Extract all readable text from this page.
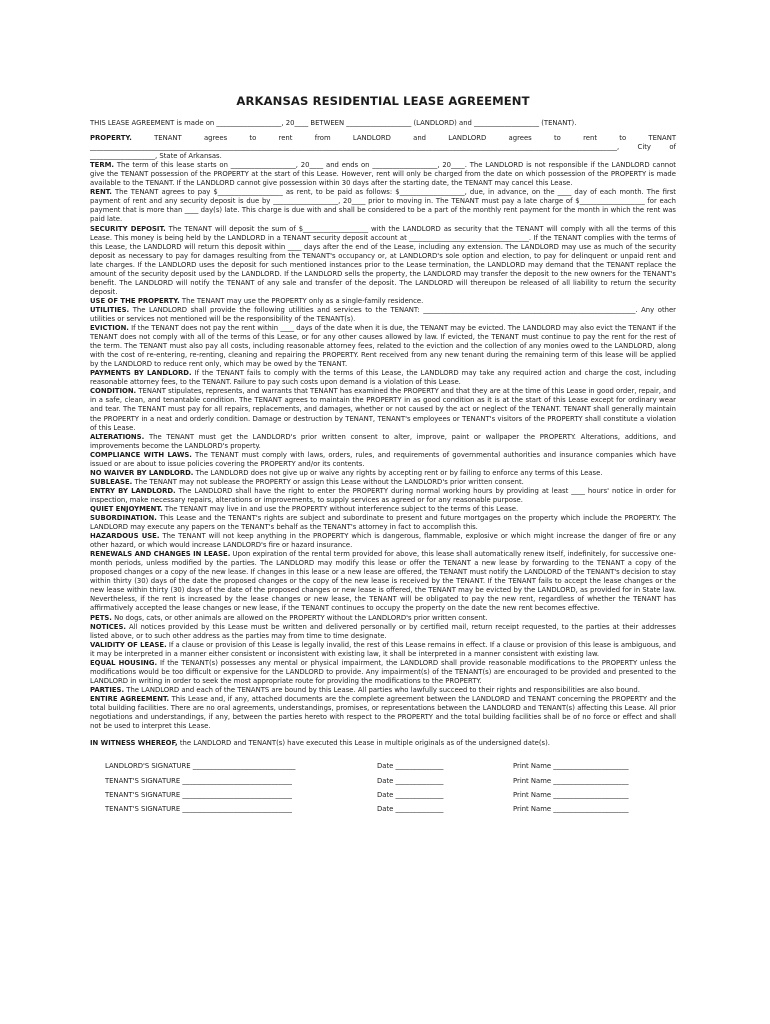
ARKANSAS RESIDENTIAL LEASE AGREEMENT

THIS LEASE AGREEMENT is made on ___________________, 20____ BETWEEN ___________________ (LANDLORD) and ___________________ (TENANT).

PROPERTY.	TENANT agrees to rent from LANDLORD and LANDLORD agrees to rent to TENANT __________________________________________________________________________________________________________________________________________________________, City of ___________________, State of Arkansas.

TERM. The term of this lease starts on ___________________, 20____ and ends on ___________________, 20____. The LANDLORD is not responsible if the LANDLORD cannot give the TENANT possession of the PROPERTY at the start of this Lease. However, rent will only be charged from the date on which possession of the PROPERTY is made available to the TENANT. If the LANDLORD cannot give possession within 30 days after the starting date, the TENANT may cancel this Lease.

RENT. The TENANT agrees to pay $___________________ as rent, to be paid as follows: $___________________, due, in advance, on the ____ day of each month. The first payment of rent and any security deposit is due by ___________________, 20____ prior to moving in. The TENANT must pay a late charge of $___________________ for each payment that is more than ____ day(s) late. This charge is due with and shall be considered to be a part of the monthly rent payment for the month in which the rent was paid late.

SECURITY DEPOSIT. The TENANT will deposit the sum of $___________________ with the LANDLORD as security that the TENANT will comply with all the terms of this Lease. This money is being held by the LANDLORD in a TENANT security deposit account at ___________________________________. If the TENANT complies with the terms of this Lease, the LANDLORD will return this deposit within ____ days after the end of the Lease, including any extension. The LANDLORD may use as much of the security deposit as necessary to pay for damages resulting from the TENANT's occupancy or, at LANDLORD's sole option and election, to pay for delinquent or unpaid rent and late charges. If the LANDLORD uses the deposit for such mentioned instances prior to the Lease termination, the LANDLORD may demand that the TENANT replace the amount of the security deposit used by the LANDLORD. If the LANDLORD sells the property, the LANDLORD may transfer the deposit to the new owners for the TENANT's benefit. The LANDLORD will notify the TENANT of any sale and transfer of the deposit. The LANDLORD will thereupon be released of all liability to return the security deposit.

USE OF THE PROPERTY. The TENANT may use the PROPERTY only as a single-family residence.

UTILITIES. The LANDLORD shall provide the following utilities and services to the TENANT: ______________________________________________________________. Any other utilities or services not mentioned will be the responsibility of the TENANT(s).

EVICTION. If the TENANT does not pay the rent within ____ days of the date when it is due, the TENANT may be evicted. The LANDLORD may also evict the TENANT if the TENANT does not comply with all of the terms of this Lease, or for any other causes allowed by law. If evicted, the TENANT must continue to pay the rent for the rest of the term. The TENANT must also pay all costs, including reasonable attorney fees, related to the eviction and the collection of any monies owed to the LANDLORD, along with the cost of re-entering, re-renting, cleaning and repairing the PROPERTY. Rent received from any new tenant during the remaining term of this lease will be applied by the LANDLORD to reduce rent only, which may be owed by the TENANT.

PAYMENTS BY LANDLORD. If the TENANT fails to comply with the terms of this Lease, the LANDLORD may take any required action and charge the cost, including reasonable attorney fees, to the TENANT. Failure to pay such costs upon demand is a violation of this Lease.

CONDITION. TENANT stipulates, represents, and warrants that TENANT has examined the PROPERTY and that they are at the time of this Lease in good order, repair, and in a safe, clean, and tenantable condition. The TENANT agrees to maintain the PROPERTY in as good condition as it is at the start of this Lease except for ordinary wear and tear. The TENANT must pay for all repairs, replacements, and damages, whether or not caused by the act or neglect of the TENANT. TENANT shall generally maintain the PROPERTY in a neat and orderly condition. Damage or destruction by TENANT, TENANT's employees or TENANT's visitors of the PROPERTY shall constitute a violation of this Lease.

ALTERATIONS. The TENANT must get the LANDLORD's prior written consent to alter, improve, paint or wallpaper the PROPERTY. Alterations, additions, and improvements become the LANDLORD's property.

COMPLIANCE WITH LAWS. The TENANT must comply with laws, orders, rules, and requirements of governmental authorities and insurance companies which have issued or are about to issue policies covering the PROPERTY and/or its contents.

NO WAIVER BY LANDLORD. The LANDLORD does not give up or waive any rights by accepting rent or by failing to enforce any terms of this Lease.

SUBLEASE. The TENANT may not sublease the PROPERTY or assign this Lease without the LANDLORD's prior written consent.

ENTRY BY LANDLORD. The LANDLORD shall have the right to enter the PROPERTY during normal working hours by providing at least ____ hours' notice in order for inspection, make necessary repairs, alterations or improvements, to supply services as agreed or for any reasonable purpose.

QUIET ENJOYMENT. The TENANT may live in and use the PROPERTY without interference subject to the terms of this Lease.

SUBORDINATION. This Lease and the TENANT's rights are subject and subordinate to present and future mortgages on the property which include the PROPERTY. The LANDLORD may execute any papers on the TENANT's behalf as the TENANT's attorney in fact to accomplish this.

HAZARDOUS USE. The TENANT will not keep anything in the PROPERTY which is dangerous, flammable, explosive or which might increase the danger of fire or any other hazard, or which would increase LANDLORD's fire or hazard insurance.

RENEWALS AND CHANGES IN LEASE. Upon expiration of the rental term provided for above, this lease shall automatically renew itself, indefinitely, for successive one-month periods, unless modified by the parties. The LANDLORD may modify this lease or offer the TENANT a new lease by forwarding to the TENANT a copy of the proposed changes or a copy of the new lease. If changes in this lease or a new lease are offered, the TENANT must notify the LANDLORD of the TENANT's decision to stay within thirty (30) days of the date the proposed changes or the copy of the new lease is received by the TENANT. If the TENANT fails to accept the lease changes or the new lease within thirty (30) days of the date of the proposed changes or new lease is offered, the TENANT may be evicted by the LANDLORD, as provided for in State law. Nevertheless, if the rent is increased by the lease changes or new lease, the TENANT will be obligated to pay the new rent, regardless of whether the TENANT has affirmatively accepted the lease changes or new lease, if the TENANT continues to occupy the property on the date the new rent becomes effective.

PETS. No dogs, cats, or other animals are allowed on the PROPERTY without the LANDLORD's prior written consent.

NOTICES. All notices provided by this Lease must be written and delivered personally or by certified mail, return receipt requested, to the parties at their addresses listed above, or to such other address as the parties may from time to time designate.

VALIDITY OF LEASE. If a clause or provision of this Lease is legally invalid, the rest of this Lease remains in effect. If a clause or provision of this lease is ambiguous, and it may be interpreted in a manner either consistent or inconsistent with existing law, it shall be interpreted in a manner consistent with existing law.

EQUAL HOUSING. If the TENANT(s) possesses any mental or physical impairment, the LANDLORD shall provide reasonable modifications to the PROPERTY unless the modifications would be too difficult or expensive for the LANDLORD to provide. Any impairment(s) of the TENANT(s) are encouraged to be provided and presented to the LANDLORD in writing in order to seek the most appropriate route for providing the modifications to the PROPERTY.

PARTIES. The LANDLORD and each of the TENANTS are bound by this Lease. All parties who lawfully succeed to their rights and responsibilities are also bound.

ENTIRE AGREEMENT. This Lease and, if any, attached documents are the complete agreement between the LANDLORD and TENANT concerning the PROPERTY and the total building facilities. There are no oral agreements, understandings, promises, or representations between the LANDLORD and TENANT(s) affecting this Lease. All prior negotiations and understandings, if any, between the parties hereto with respect to the PROPERTY and the total building facilities shall be of no force or effect and shall not be used to interpret this Lease.

IN WITNESS WHEREOF, the LANDLORD and TENANT(s) have executed this Lease in multiple originals as of the undersigned date(s).

LANDLORD'S SIGNATURE ______________________________	Date ______________	Print Name ______________________
TENANT'S SIGNATURE ________________________________	Date ______________	Print Name ______________________
TENANT'S SIGNATURE ________________________________	Date ______________	Print Name ______________________
TENANT'S SIGNATURE ________________________________	Date ______________	Print Name ______________________
